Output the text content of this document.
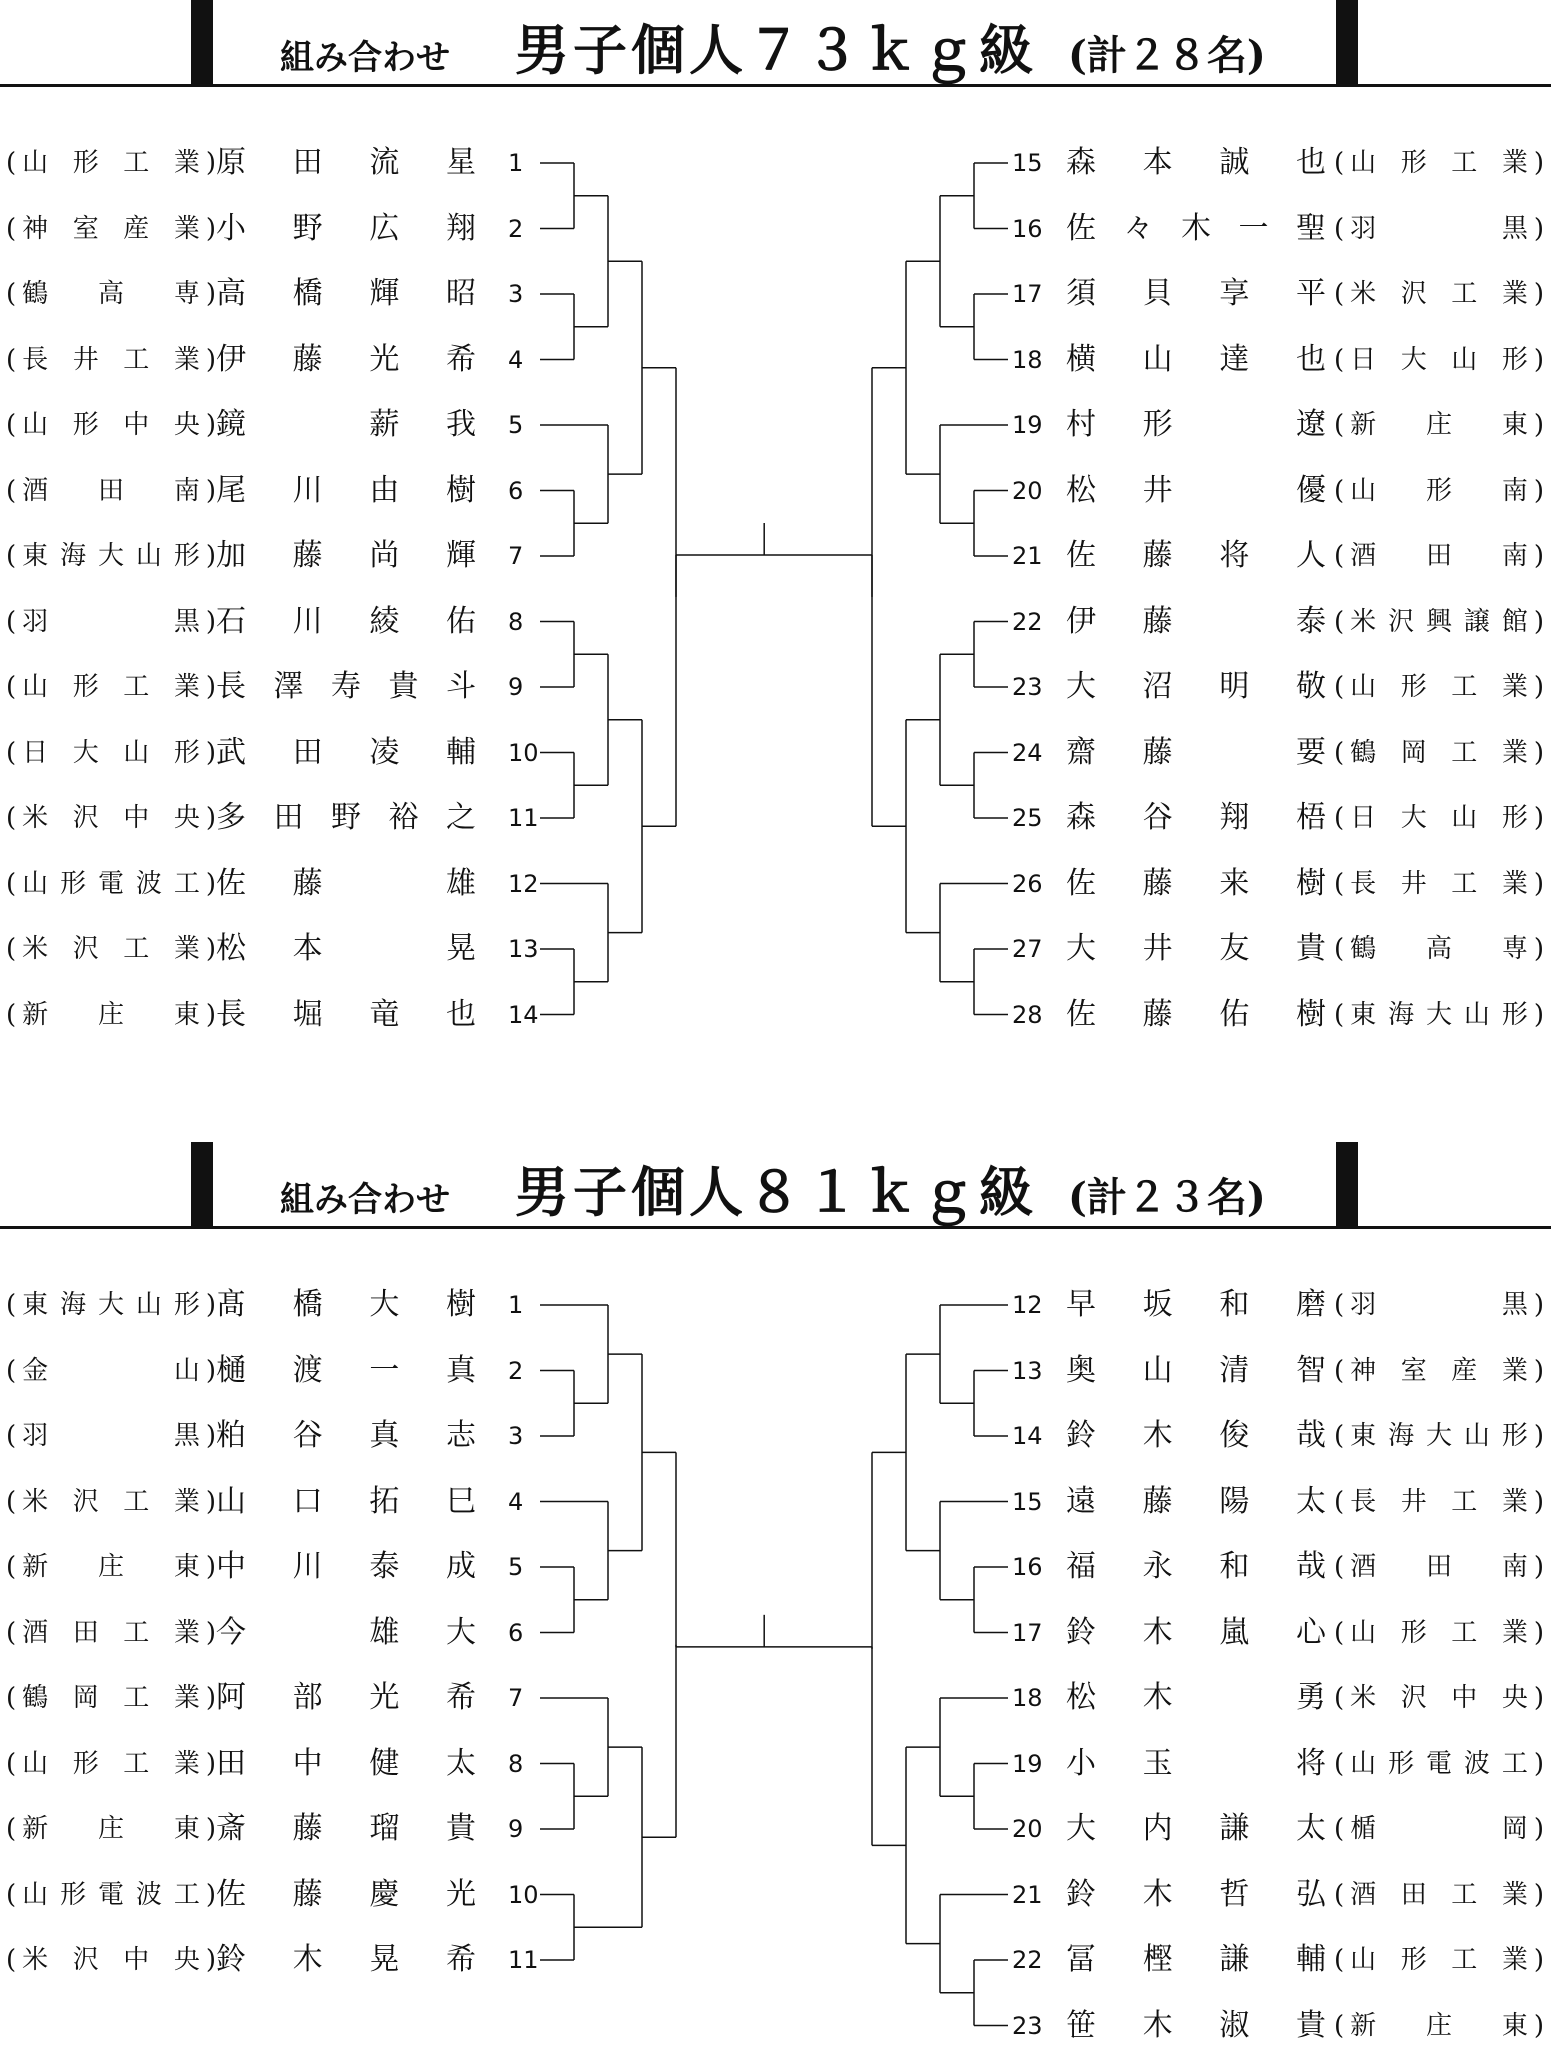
組み合わせ 男子個人７３ｋｇ級 (計２８名)
( 山形工業 ) 原田流星 1
( 神室産業 ) 小野広翔 2
( 鶴高専 ) 高橋輝昭 3
( 長井工業 ) 伊藤光希 4
( 山形中央 ) 鏡　薪我 5
( 酒田南 ) 尾川由樹 6
( 東海大山形 ) 加藤尚輝 7
( 羽　黒 ) 石川綾佑 8
( 山形工業 ) 長澤寿貴斗 9
( 日大山形 ) 武田凌輔 10
( 米沢中央 ) 多田野裕之 11
( 山形電波工 ) 佐藤　雄 12
( 米沢工業 ) 松本　晃 13
( 新庄東 ) 長堀竜也 14
( 山形工業 )
森本誠也
15
( 羽　黒 )
佐々木一聖
16
( 米沢工業 )
須貝享平
17
( 日大山形 )
横山達也
18
( 新庄東 )
村形　遼
19
( 山形南 )
松井　優
20
( 酒田南 )
佐藤将人
21
( 米沢興譲館 )
伊藤　泰
22
( 山形工業 )
大沼明敬
23
( 鶴岡工業 )
齋藤　要
24
( 日大山形 )
森谷翔梧
25
( 長井工業 )
佐藤来樹
26
( 鶴高専 )
大井友貴
27
( 東海大山形 )
佐藤佑樹
28
組み合わせ 男子個人８１ｋｇ級 (計２３名)
( 東海大山形 ) 髙橋大樹 1
( 金　山 ) 樋渡一真 2
( 羽　黒 ) 粕谷真志 3
( 米沢工業 ) 山口拓巳 4
( 新庄東 ) 中川泰成 5
( 酒田工業 ) 今　雄大 6
( 鶴岡工業 ) 阿部光希 7
( 山形工業 ) 田中健太 8
( 新庄東 ) 斎藤瑠貴 9
( 山形電波工 ) 佐藤慶光 10
( 米沢中央 ) 鈴木晃希 11
( 羽　黒 )
早坂和磨
12
( 神室産業 )
奥山清智
13
( 東海大山形 )
鈴木俊哉
14
( 長井工業 )
遠藤陽太
15
( 酒田南 )
福永和哉
16
( 山形工業 )
鈴木嵐心
17
( 米沢中央 )
松木　勇
18
( 山形電波工 )
小玉　将
19
( 楯　岡 )
大内謙太
20
( 酒田工業 )
鈴木哲弘
21
( 山形工業 )
冨樫謙輔
22
( 新庄東 )
笹木淑貴
23
